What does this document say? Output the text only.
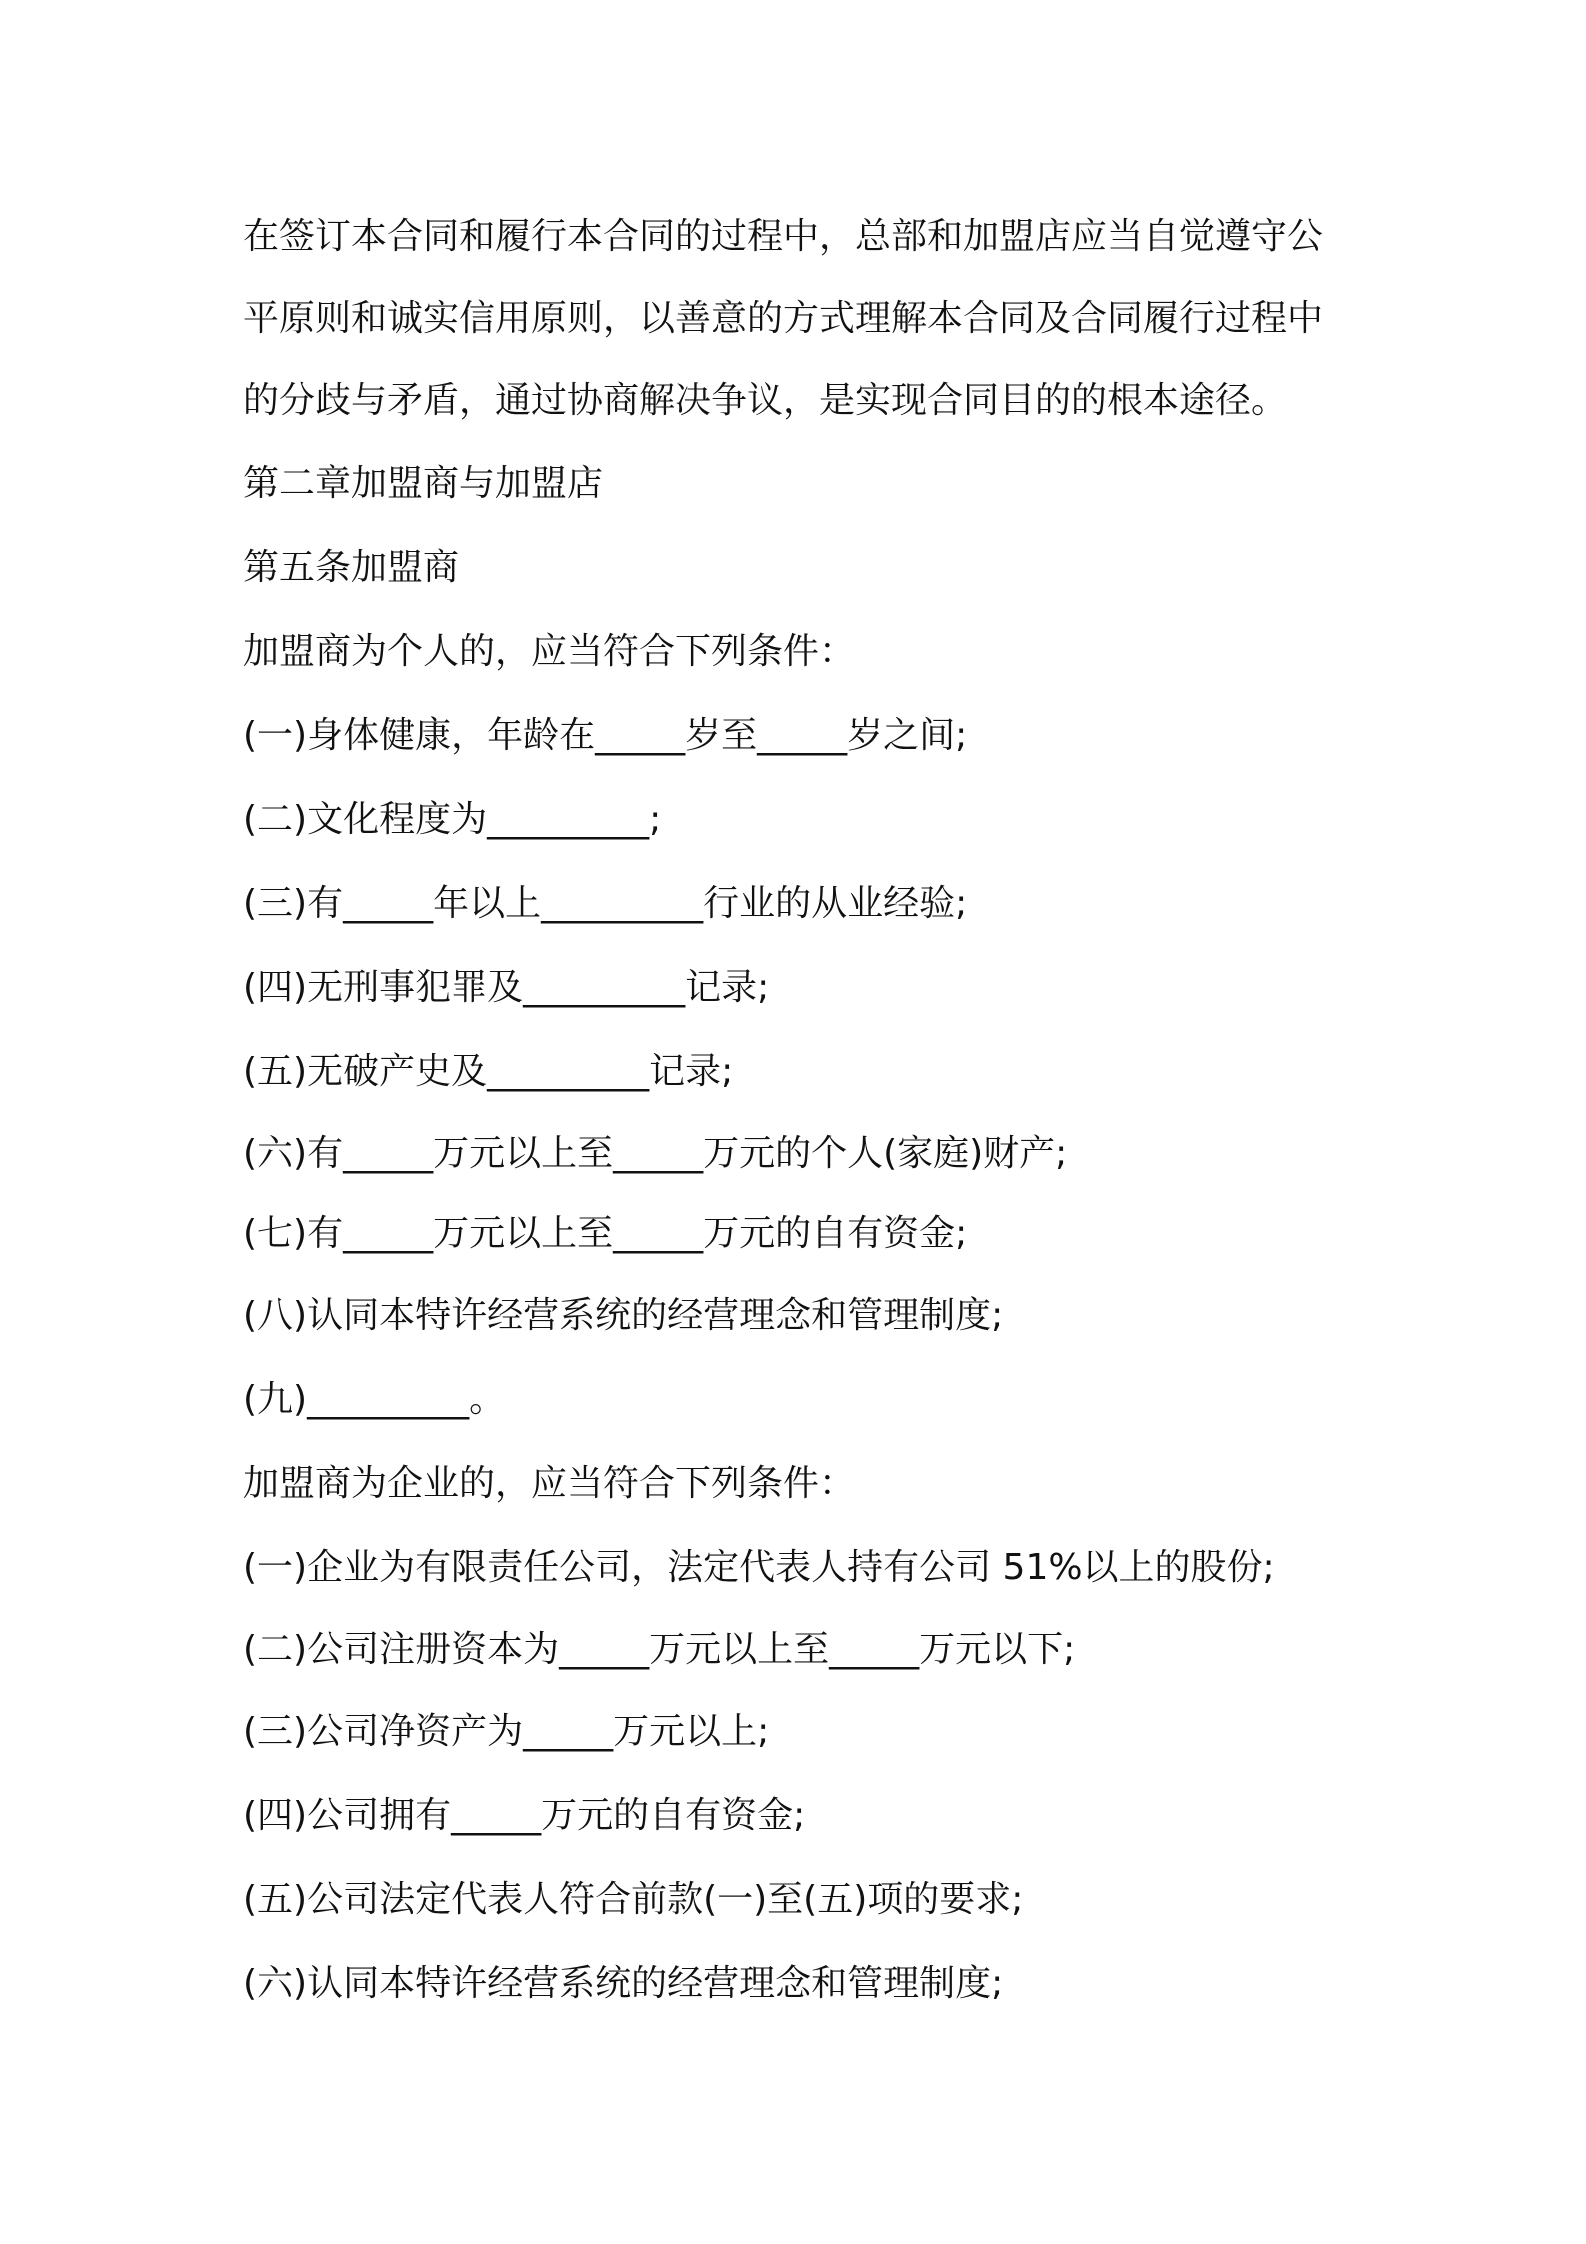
在签订本合同和履行本合同的过程中，总部和加盟店应当自觉遵守公

平原则和诚实信用原则，以善意的方式理解本合同及合同履行过程中

的分歧与矛盾，通过协商解决争议，是实现合同目的的根本途径。

第二章加盟商与加盟店

第五条加盟商

加盟商为个人的，应当符合下列条件：

(一)身体健康，年龄在_____岁至_____岁之间;

(二)文化程度为_________;

(三)有_____年以上_________行业的从业经验;

(四)无刑事犯罪及_________记录;

(五)无破产史及_________记录;

(六)有_____万元以上至_____万元的个人(家庭)财产;

(七)有_____万元以上至_____万元的自有资金;

(八)认同本特许经营系统的经营理念和管理制度;

(九)_________。

加盟商为企业的，应当符合下列条件：

(一)企业为有限责任公司，法定代表人持有公司 51%以上的股份;

(二)公司注册资本为_____万元以上至_____万元以下;

(三)公司净资产为_____万元以上;

(四)公司拥有_____万元的自有资金;

(五)公司法定代表人符合前款(一)至(五)项的要求;

(六)认同本特许经营系统的经营理念和管理制度;
